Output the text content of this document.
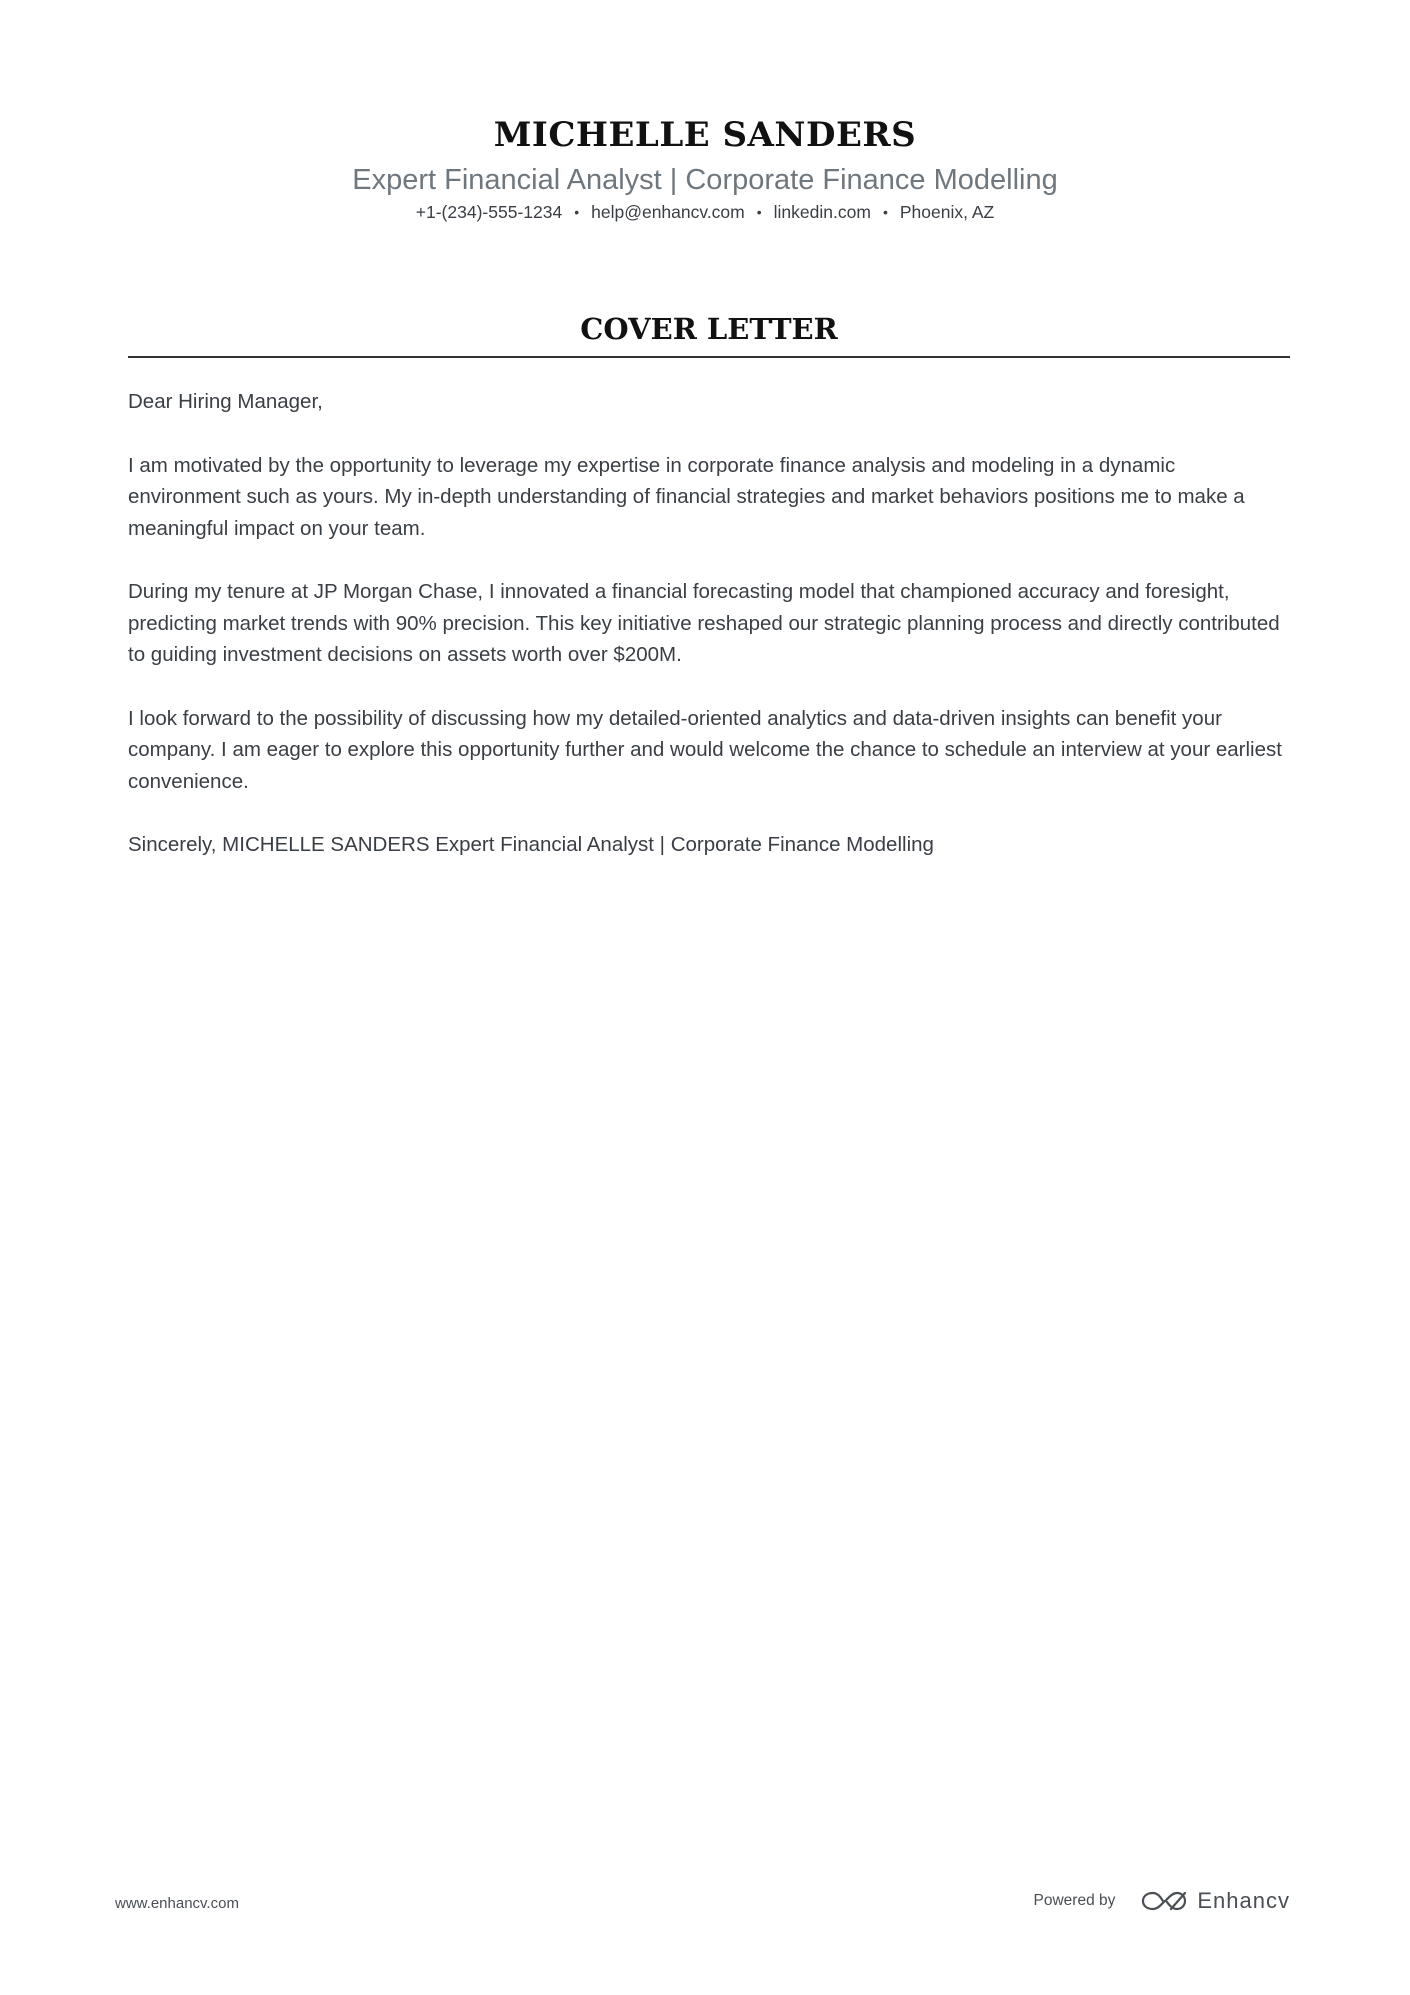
MICHELLE SANDERS
Expert Financial Analyst | Corporate Finance Modelling
+1-(234)-555-1234 • help@enhancv.com • linkedin.com • Phoenix, AZ
COVER LETTER

Dear Hiring Manager,

I am motivated by the opportunity to leverage my expertise in corporate finance analysis and modeling in a dynamic environment such as yours. My in-depth understanding of financial strategies and market behaviors positions me to make a meaningful impact on your team.

During my tenure at JP Morgan Chase, I innovated a financial forecasting model that championed accuracy and foresight, predicting market trends with 90% precision. This key initiative reshaped our strategic planning process and directly contributed to guiding investment decisions on assets worth over $200M.

I look forward to the possibility of discussing how my detailed-oriented analytics and data-driven insights can benefit your company. I am eager to explore this opportunity further and would welcome the chance to schedule an interview at your earliest convenience.

Sincerely, MICHELLE SANDERS Expert Financial Analyst | Corporate Finance Modelling

www.enhancv.com	Powered by	Enhancv
